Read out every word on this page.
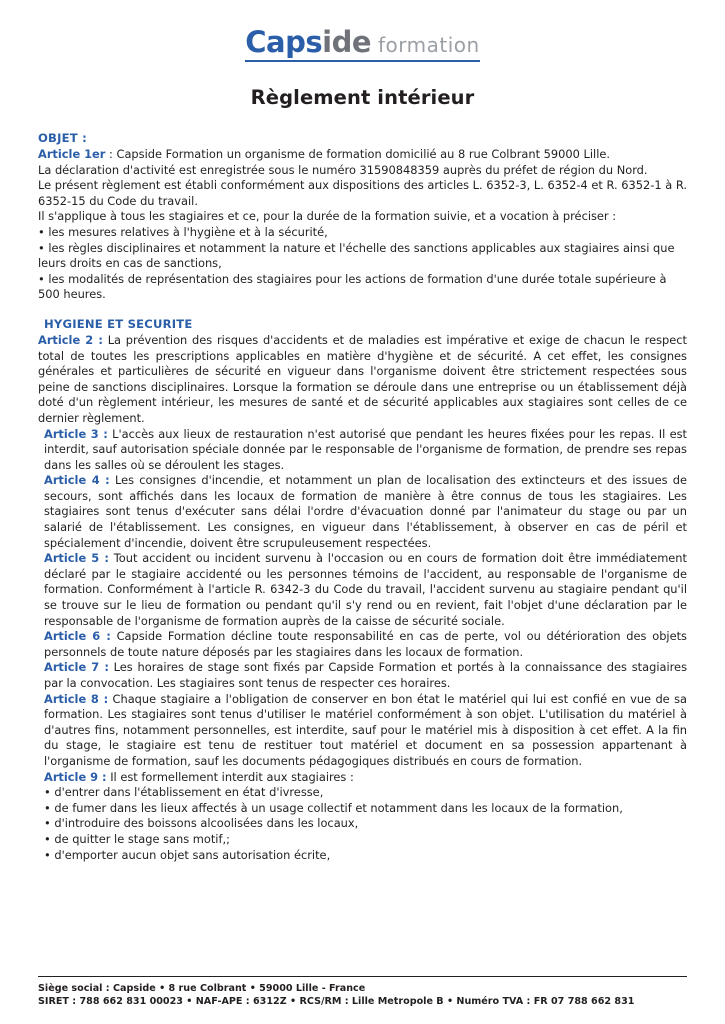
Capside formation
Règlement intérieur
OBJET :

Article 1er : Capside Formation un organisme de formation domicilié au 8 rue Colbrant 59000 Lille.

La déclaration d'activité est enregistrée sous le numéro 31590848359 auprès du préfet de région du Nord.

Le présent règlement est établi conformément aux dispositions des articles L. 6352-3, L. 6352-4 et R. 6352-1 à R. 6352-15 du Code du travail.

Il s'applique à tous les stagiaires et ce, pour la durée de la formation suivie, et a vocation à préciser :

• les mesures relatives à l'hygiène et à la sécurité,

• les règles disciplinaires et notamment la nature et l'échelle des sanctions applicables aux stagiaires ainsi que leurs droits en cas de sanctions,

• les modalités de représentation des stagiaires pour les actions de formation d'une durée totale supérieure à 500 heures.

HYGIENE ET SECURITE

Article 2 : La prévention des risques d'accidents et de maladies est impérative et exige de chacun le respect total de toutes les prescriptions applicables en matière d'hygiène et de sécurité. A cet effet, les consignes générales et particulières de sécurité en vigueur dans l'organisme doivent être strictement respectées sous peine de sanctions disciplinaires. Lorsque la formation se déroule dans une entreprise ou un établissement déjà doté d'un règlement intérieur, les mesures de santé et de sécurité applicables aux stagiaires sont celles de ce dernier règlement.

Article 3 : L'accès aux lieux de restauration n'est autorisé que pendant les heures fixées pour les repas. Il est interdit, sauf autorisation spéciale donnée par le responsable de l'organisme de formation, de prendre ses repas dans les salles où se déroulent les stages.

Article 4 : Les consignes d'incendie, et notamment un plan de localisation des extincteurs et des issues de secours, sont affichés dans les locaux de formation de manière à être connus de tous les stagiaires. Les stagiaires sont tenus d'exécuter sans délai l'ordre d'évacuation donné par l'animateur du stage ou par un salarié de l'établissement. Les consignes, en vigueur dans l'établissement, à observer en cas de péril et spécialement d'incendie, doivent être scrupuleusement respectées.

Article 5 : Tout accident ou incident survenu à l'occasion ou en cours de formation doit être immédiatement déclaré par le stagiaire accidenté ou les personnes témoins de l'accident, au responsable de l'organisme de formation. Conformément à l'article R. 6342-3 du Code du travail, l'accident survenu au stagiaire pendant qu'il se trouve sur le lieu de formation ou pendant qu'il s'y rend ou en revient, fait l'objet d'une déclaration par le responsable de l'organisme de formation auprès de la caisse de sécurité sociale.

Article 6 : Capside Formation décline toute responsabilité en cas de perte, vol ou détérioration des objets personnels de toute nature déposés par les stagiaires dans les locaux de formation.

Article 7 : Les horaires de stage sont fixés par Capside Formation et portés à la connaissance des stagiaires par la convocation. Les stagiaires sont tenus de respecter ces horaires.

Article 8 : Chaque stagiaire a l'obligation de conserver en bon état le matériel qui lui est confié en vue de sa formation. Les stagiaires sont tenus d'utiliser le matériel conformément à son objet. L'utilisation du matériel à d'autres fins, notamment personnelles, est interdite, sauf pour le matériel mis à disposition à cet effet. A la fin du stage, le stagiaire est tenu de restituer tout matériel et document en sa possession appartenant à l'organisme de formation, sauf les documents pédagogiques distribués en cours de formation.

Article 9 : Il est formellement interdit aux stagiaires :

• d'entrer dans l'établissement en état d'ivresse,

• de fumer dans les lieux affectés à un usage collectif et notamment dans les locaux de la formation,

• d'introduire des boissons alcoolisées dans les locaux,

• de quitter le stage sans motif,;

• d'emporter aucun objet sans autorisation écrite,

Siège social : Capside • 8 rue Colbrant • 59000 Lille - France
SIRET : 788 662 831 00023 • NAF-APE : 6312Z • RCS/RM : Lille Metropole B • Numéro TVA : FR 07 788 662 831
